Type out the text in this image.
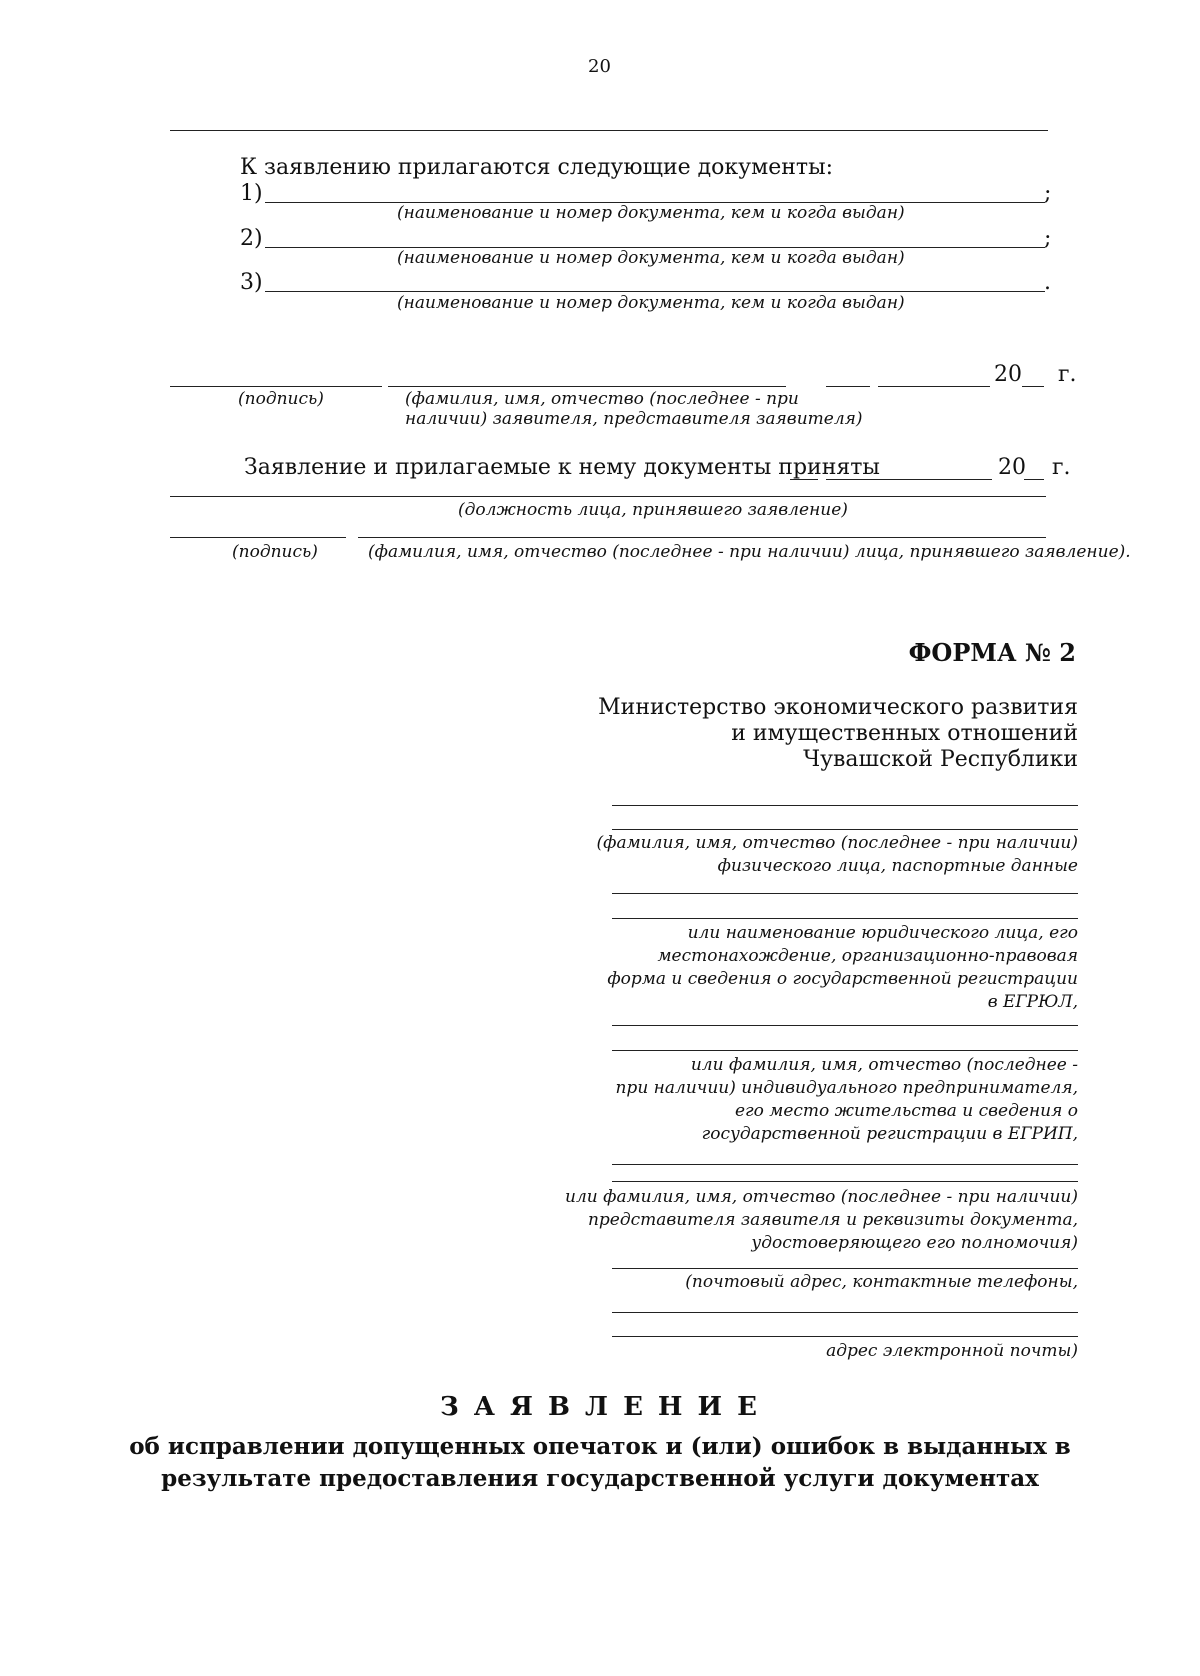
20
К заявлению прилагаются следующие документы:
1)	;
(наименование и номер документа, кем и когда выдан)
2)	;
(наименование и номер документа, кем и когда выдан)
3)	.
(наименование и номер документа, кем и когда выдан)
20 г.
(подпись)	(фамилия, имя, отчество (последнее - при
наличии) заявителя, представителя заявителя)
Заявление и прилагаемые к нему документы приняты	20 г.
(должность лица, принявшего заявление)
(подпись)	(фамилия, имя, отчество (последнее - при наличии) лица, принявшего заявление).
ФОРМА № 2
Министерство экономического развития
и имущественных отношений
Чувашской Республики
(фамилия, имя, отчество (последнее - при наличии)
физического лица, паспортные данные
или наименование юридического лица, его
местонахождение, организационно-правовая
форма и сведения о государственной регистрации
в ЕГРЮЛ,
или фамилия, имя, отчество (последнее -
при наличии) индивидуального предпринимателя,
его место жительства и сведения о
государственной регистрации в ЕГРИП,
или фамилия, имя, отчество (последнее - при наличии)
представителя заявителя и реквизиты документа,
удостоверяющего его полномочия)
(почтовый адрес, контактные телефоны,
адрес электронной почты)
З А Я В Л Е Н И Е
об исправлении допущенных опечаток и (или) ошибок в выданных в
результате предоставления государственной услуги документах
